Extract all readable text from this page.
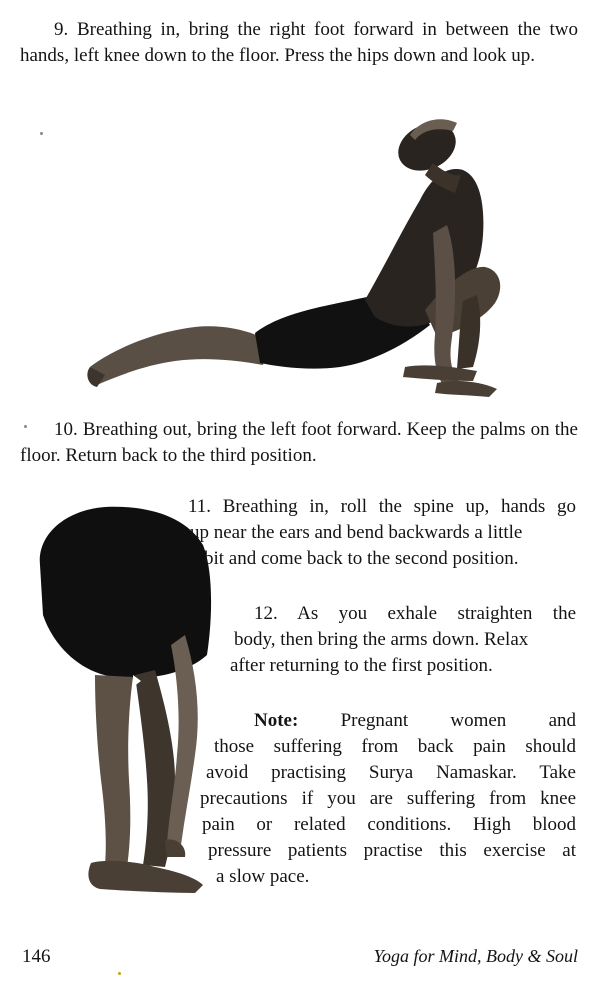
9. Breathing in, bring the right foot forward in between the two hands, left knee down to the floor. Press the hips down and look up.

10. Breathing out, bring the left foot forward. Keep the palms on the floor. Return back to the third position.

11. Breathing in, roll the spine up, hands go
up near the ears and bend backwards a little
bit and come back to the second position.

12. As you exhale straighten the
body, then bring the arms down. Relax
after returning to the first position.

Note: Pregnant women and
those suffering from back pain should
avoid practising Surya Namaskar. Take
precautions if you are suffering from knee
pain or related conditions. High blood
pressure patients practise this exercise at
a slow pace.

146	Yoga for Mind, Body & Soul
